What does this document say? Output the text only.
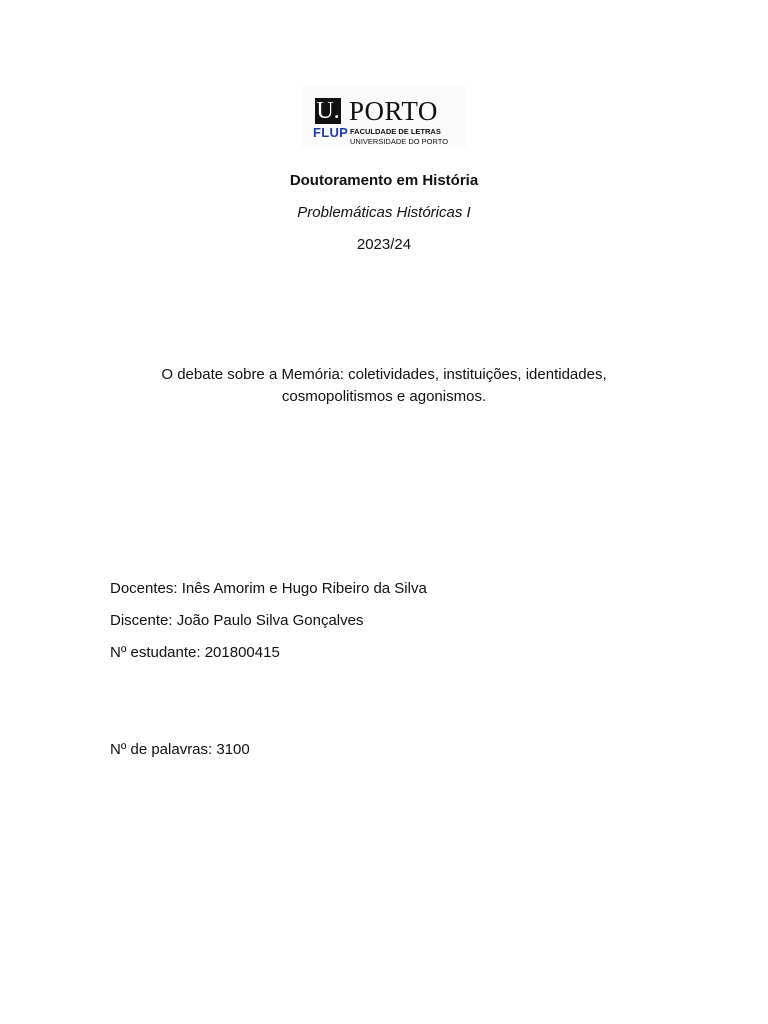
U. PORTO
FLUP FACULDADE DE LETRAS
UNIVERSIDADE DO PORTO
Doutoramento em História
Problemáticas Históricas I
2023/24
O debate sobre a Memória: coletividades, instituições, identidades,
cosmopolitismos e agonismos.
Docentes: Inês Amorim e Hugo Ribeiro da Silva
Discente: João Paulo Silva Gonçalves
Nº estudante: 201800415
Nº de palavras: 3100
